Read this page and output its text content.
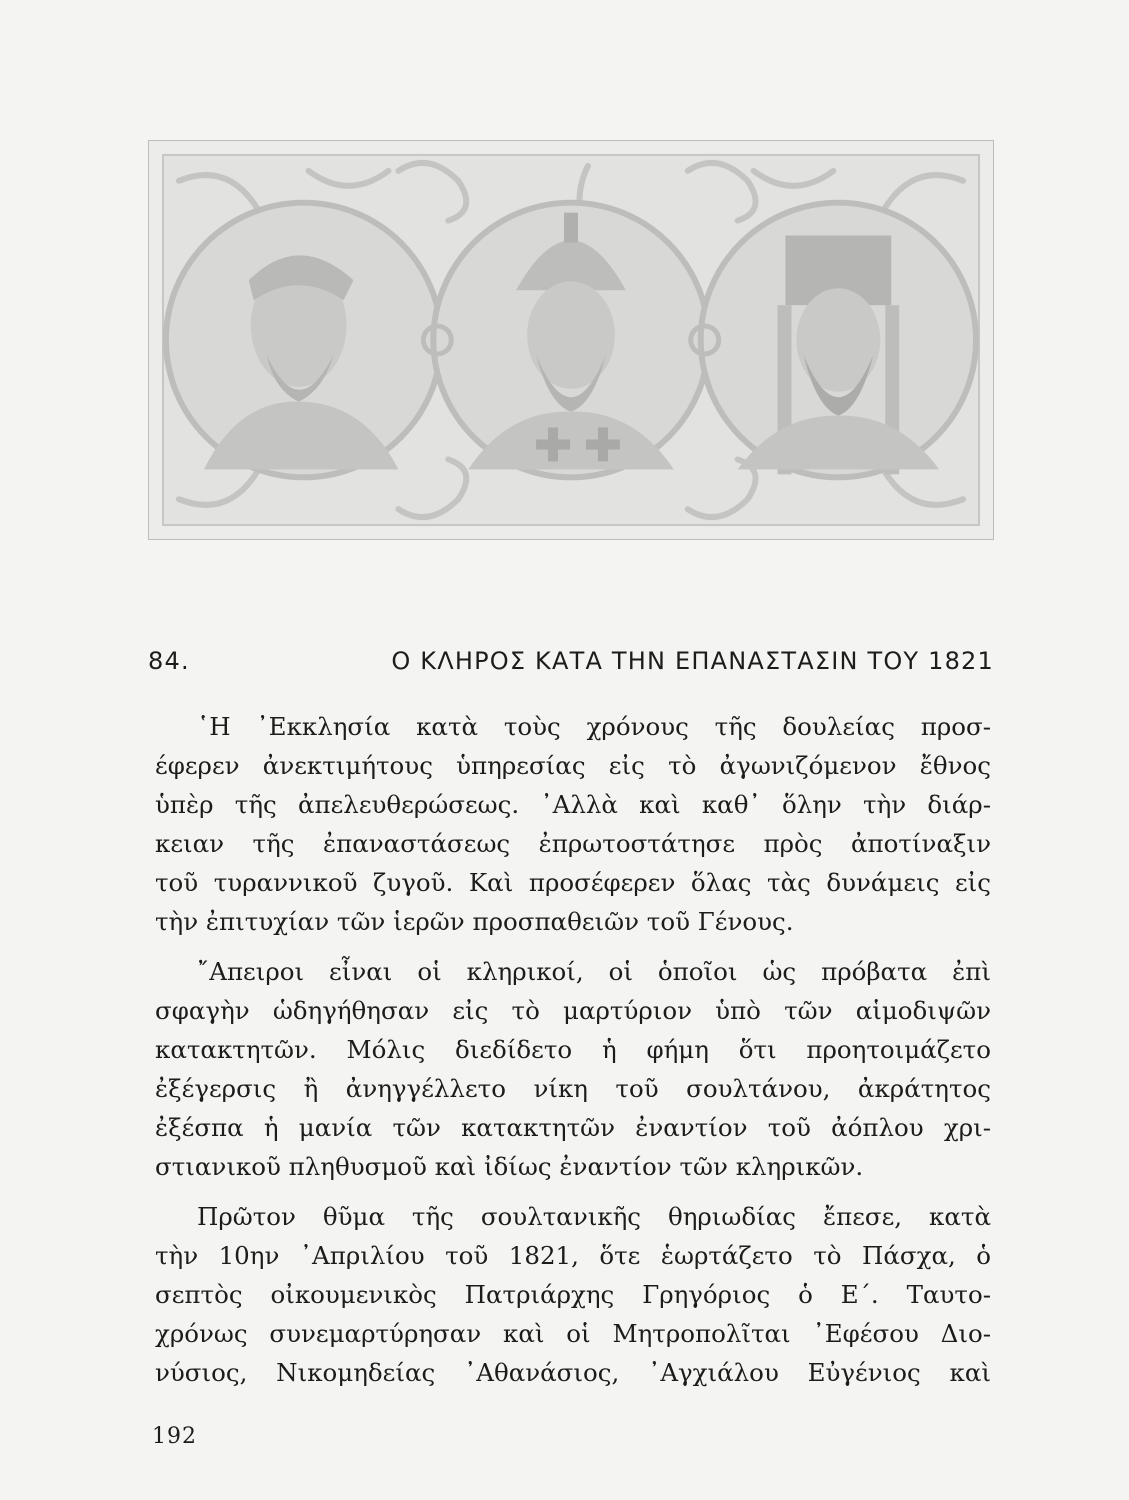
84.	Ο ΚΛΗΡΟΣ ΚΑΤΑ ΤΗΝ ΕΠΑΝΑΣΤΑΣΙΝ ΤΟΥ 1821

῾Η ᾿Εκκλησία κατὰ τοὺς χρόνους τῆς δουλείας προσ-
έφερεν ἀνεκτιμήτους ὑπηρεσίας εἰς τὸ ἀγωνιζόμενον ἔθνος
ὑπὲρ τῆς ἀπελευθερώσεως. ᾿Αλλὰ καὶ καθ᾿ ὅλην τὴν διάρ-
κειαν τῆς ἐπαναστάσεως ἐπρωτοστάτησε πρὸς ἀποτίναξιν
τοῦ τυραννικοῦ ζυγοῦ. Καὶ προσέφερεν ὅλας τὰς δυνάμεις εἰς
τὴν ἐπιτυχίαν τῶν ἱερῶν προσπαθειῶν τοῦ Γένους.

῎Απειροι εἶναι οἱ κληρικοί, οἱ ὁποῖοι ὡς πρόβατα ἐπὶ
σφαγὴν ὡδηγήθησαν εἰς τὸ μαρτύριον ὑπὸ τῶν αἱμοδιψῶν
κατακτητῶν. Μόλις διεδίδετο ἡ φήμη ὅτι προητοιμάζετο
ἐξέγερσις ἢ ἀνηγγέλλετο νίκη τοῦ σουλτάνου, ἀκράτητος
ἐξέσπα ἡ μανία τῶν κατακτητῶν ἐναντίον τοῦ ἀόπλου χρι-
στιανικοῦ πληθυσμοῦ καὶ ἰδίως ἐναντίον τῶν κληρικῶν.

Πρῶτον θῦμα τῆς σουλτανικῆς θηριωδίας ἔπεσε, κατὰ
τὴν 10ην ᾿Απριλίου τοῦ 1821, ὅτε ἑωρτάζετο τὸ Πάσχα, ὁ
σεπτὸς οἰκουμενικὸς Πατριάρχης Γρηγόριος ὁ Ε΄. Ταυτο-
χρόνως συνεμαρτύρησαν καὶ οἱ Μητροπολῖται ᾿Εφέσου Διο-
νύσιος, Νικομηδείας ᾿Αθανάσιος, ᾿Αγχιάλου Εὐγένιος καὶ

192
